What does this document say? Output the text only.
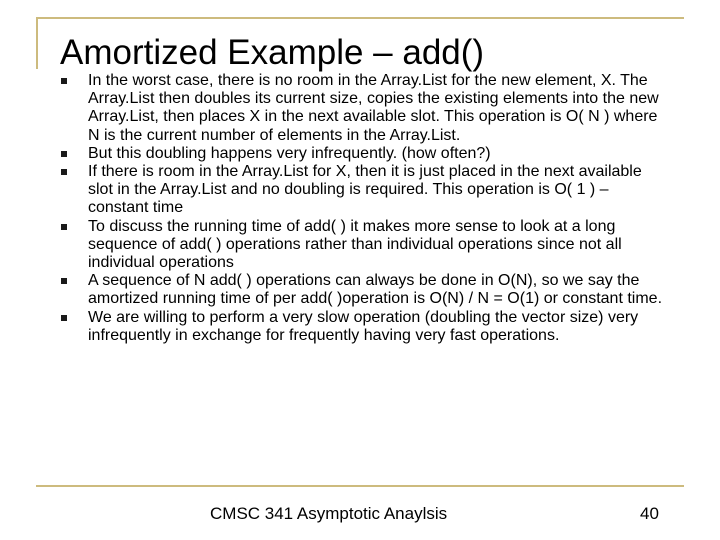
Amortized Example – add()
In the worst case, there is no room in the Array.List for the new element, X. The Array.List then doubles its current size, copies the existing elements into the new Array.List, then places X in the next available slot. This operation is O( N ) where N is the current number of elements in the Array.List.
But this doubling happens very infrequently. (how often?)
If there is room in the Array.List for X, then it is just placed in the next available slot in the Array.List and no doubling is required. This operation is O( 1 ) – constant time
To discuss the running time of add( ) it makes more sense to look at a long sequence of add( ) operations rather than individual operations since not all individual operations
A sequence of N add( ) operations can always be done in O(N), so we say the amortized running time of per add( )operation is O(N) / N = O(1) or constant time.
We are willing to perform a very slow operation (doubling the vector size) very infrequently in exchange for frequently having very fast operations.
CMSC 341 Asymptotic Anaylsis	40
